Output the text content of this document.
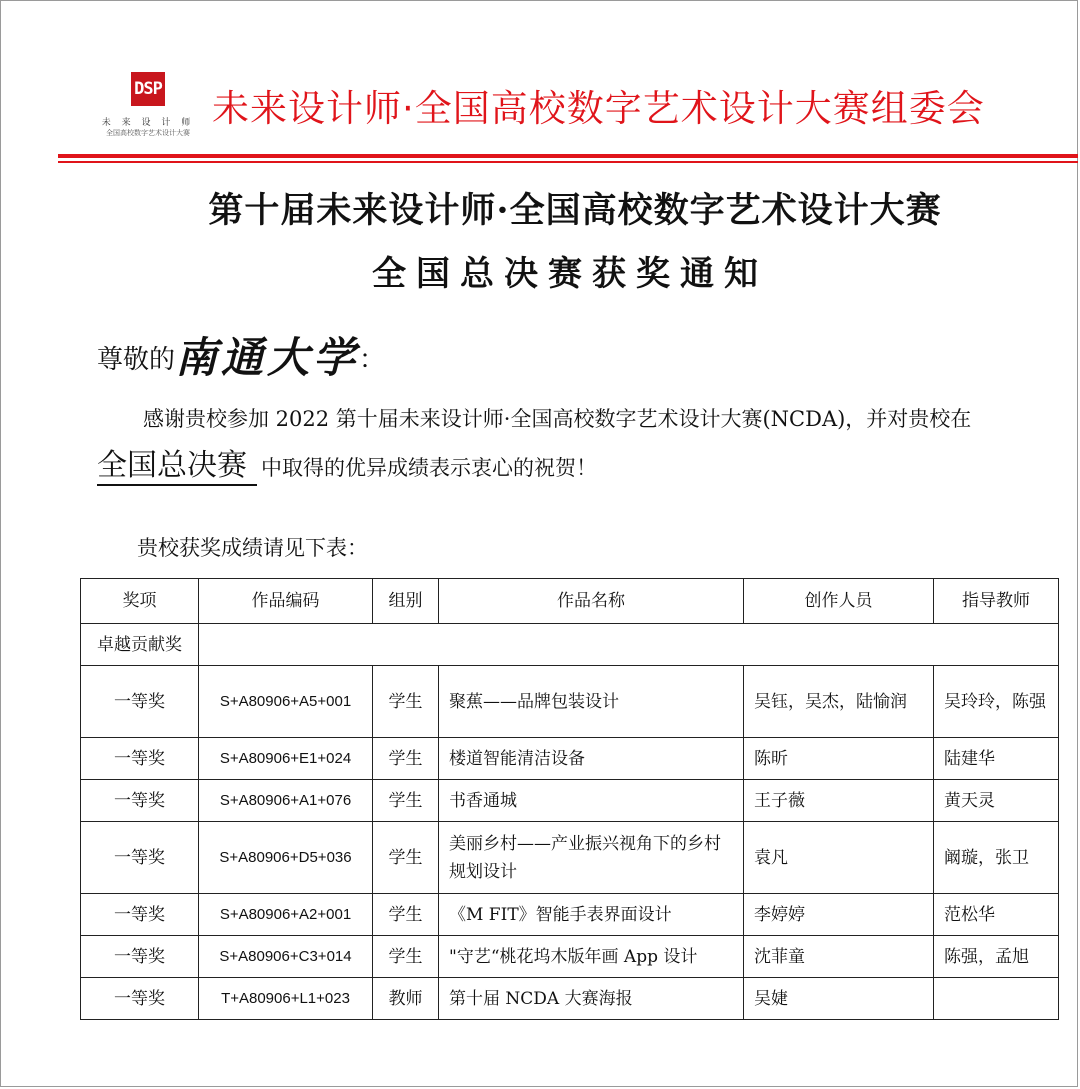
DSP
未 来 设 计 师
全国高校数字艺术设计大赛
未来设计师·全国高校数字艺术设计大赛组委会
第十届未来设计师·全国高校数字艺术设计大赛
全国总决赛获奖通知
尊敬的南通大学：
感谢贵校参加 2022 第十届未来设计师·全国高校数字艺术设计大赛(NCDA)，并对贵校在
全国总决赛 中取得的优异成绩表示衷心的祝贺！
贵校获奖成绩请见下表：
奖项	作品编码	组别	作品名称	创作人员	指导教师
卓越贡献奖					
一等奖	S+A80906+A5+001	学生	聚蕉——品牌包装设计	吴钰，吴杰，陆愉润	吴玲玲，陈强
一等奖	S+A80906+E1+024	学生	楼道智能清洁设备	陈昕	陆建华
一等奖	S+A80906+A1+076	学生	书香通城	王子薇	黄天灵
一等奖	S+A80906+D5+036	学生	美丽乡村——产业振兴视角下的乡村规划设计	袁凡	阚璇，张卫
一等奖	S+A80906+A2+001	学生	《M FIT》智能手表界面设计	李婷婷	范松华
一等奖	S+A80906+C3+014	学生	"守艺“桃花坞木版年画 App 设计	沈菲童	陈强，孟旭
一等奖	T+A80906+L1+023	教师	第十届 NCDA 大赛海报	吴婕	
